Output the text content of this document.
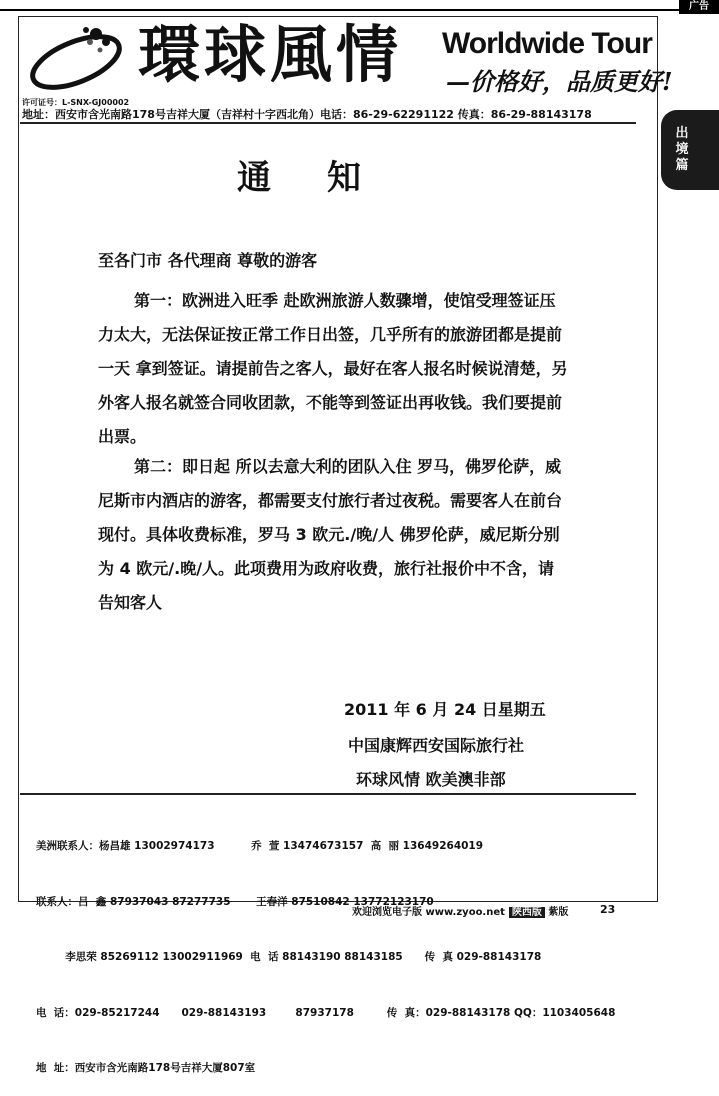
广告
出境篇
環球風情 Worldwide Tour
—价格好，品质更好!
许可证号：L-SNX-GJ00002
地址：西安市含光南路178号吉祥大厦（吉祥村十字西北角）电话：86-29-62291122 传真：86-29-88143178
通知
至各门市 各代理商 尊敬的游客

第一：欧洲进入旺季 赴欧洲旅游人数骤增，使馆受理签证压力太大，无法保证按正常工作日出签，几乎所有的旅游团都是提前一天 拿到签证。请提前告之客人，最好在客人报名时候说清楚，另外客人报名就签合同收团款，不能等到签证出再收钱。我们要提前出票。

第二：即日起 所以去意大利的团队入住 罗马，佛罗伦萨，威尼斯市内酒店的游客，都需要支付旅行者过夜税。需要客人在前台现付。具体收费标准，罗马 3 欧元./晚/人 佛罗伦萨，威尼斯分别为 4 欧元/.晚/人。此项费用为政府收费，旅行社报价中不含，请告知客人

2011 年 6 月 24 日星期五
中国康辉西安国际旅行社
环球风情 欧美澳非部

美洲联系人：杨昌雄 13002974173          乔  萱 13474673157  高  丽 13649264019

联系人：吕  鑫 87937043 87277735       王春洋 87510842 13772123170

李思荣 85269112 13002911969  电  话 88143190 88143185      传  真 029-88143178

电  话：029-85217244      029-88143193        87937178         传  真：029-88143178 QQ：1103405648

地  址：西安市含光南路178号吉祥大厦807室

欢迎浏览电子版 www.zyoo.net 陕西版 紫版	23
